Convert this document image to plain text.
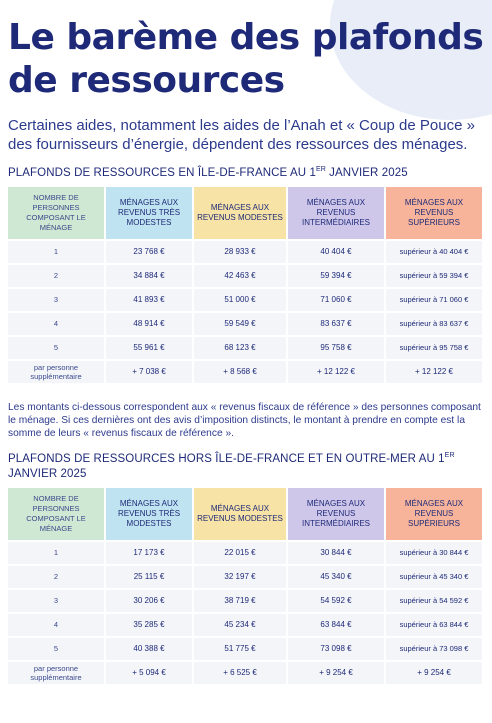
Le barème des plafonds
de ressources

Certaines aides, notamment les aides de l’Anah et « Coup de Pouce » des fournisseurs d’énergie, dépendent des ressources des ménages.

PLAFONDS DE RESSOURCES EN ÎLE-DE-FRANCE AU 1ER JANVIER 2025
NOMBRE DE PERSONNES COMPOSANT LE MÉNAGE	MÉNAGES AUX REVENUS TRÈS MODESTES	MÉNAGES AUX REVENUS MODESTES	MÉNAGES AUX REVENUS INTERMÉDIAIRES	MÉNAGES AUX REVENUS SUPÉRIEURS
1	23 768 €	28 933 €	40 404 €	supérieur à 40 404 €
2	34 884 €	42 463 €	59 394 €	supérieur à 59 394 €
3	41 893 €	51 000 €	71 060 €	supérieur à 71 060 €
4	48 914 €	59 549 €	83 637 €	supérieur à 83 637 €
5	55 961 €	68 123 €	95 758 €	supérieur à 95 758 €
par personne supplémentaire	+ 7 038 €	+ 8 568 €	+ 12 122 €	+ 12 122 €

Les montants ci-dessous correspondent aux « revenus fiscaux de référence » des personnes composant le ménage. Si ces dernières ont des avis d’imposition distincts, le montant à prendre en compte est la somme de leurs « revenus fiscaux de référence ».

PLAFONDS DE RESSOURCES HORS ÎLE-DE-FRANCE ET EN OUTRE-MER AU 1ER JANVIER 2025
NOMBRE DE PERSONNES COMPOSANT LE MÉNAGE	MÉNAGES AUX REVENUS TRÈS MODESTES	MÉNAGES AUX REVENUS MODESTES	MÉNAGES AUX REVENUS INTERMÉDIAIRES	MÉNAGES AUX REVENUS SUPÉRIEURS
1	17 173 €	22 015 €	30 844 €	supérieur à 30 844 €
2	25 115 €	32 197 €	45 340 €	supérieur à 45 340 €
3	30 206 €	38 719 €	54 592 €	supérieur à 54 592 €
4	35 285 €	45 234 €	63 844 €	supérieur à 63 844 €
5	40 388 €	51 775 €	73 098 €	supérieur à 73 098 €
par personne supplémentaire	+ 5 094 €	+ 6 525 €	+ 9 254 €	+ 9 254 €
